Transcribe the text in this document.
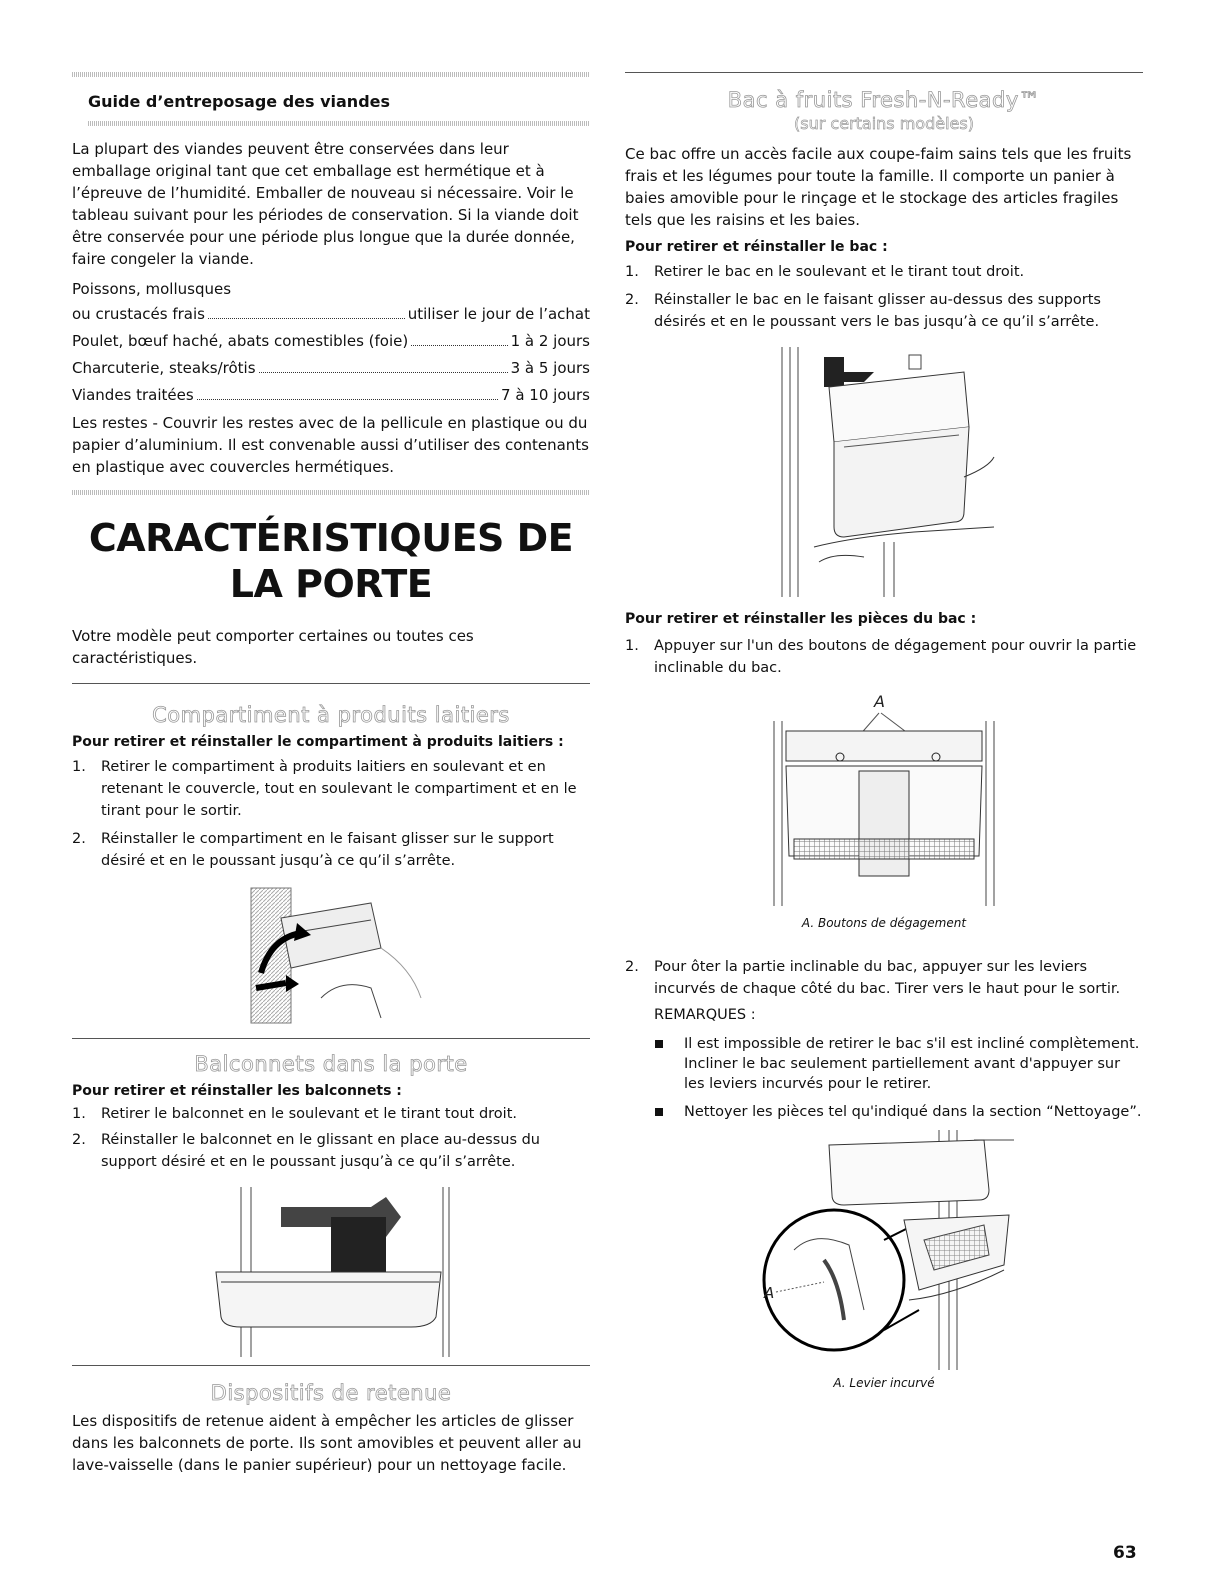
Guide d’entreposage des viandes

La plupart des viandes peuvent être conservées dans leur emballage original tant que cet emballage est hermétique et à l’épreuve de l’humidité. Emballer de nouveau si nécessaire. Voir le tableau suivant pour les périodes de conservation. Si la viande doit être conservée pour une période plus longue que la durée donnée, faire congeler la viande.

Poissons, mollusques

ou crustacés frais	utiliser le jour de l’achat
Poulet, bœuf haché, abats comestibles (foie)	1 à 2 jours
Charcuterie, steaks/rôtis	3 à 5 jours
Viandes traitées	7 à 10 jours

Les restes - Couvrir les restes avec de la pellicule en plastique ou du papier d’aluminium. Il est convenable aussi d’utiliser des contenants en plastique avec couvercles hermétiques.

CARACTÉRISTIQUES DE
LA PORTE

Votre modèle peut comporter certaines ou toutes ces caractéristiques.

Compartiment à produits laitiers
Pour retirer et réinstaller le compartiment à produits laitiers :
1. Retirer le compartiment à produits laitiers en soulevant et en retenant le couvercle, tout en soulevant le compartiment et en le tirant pour le sortir.
2. Réinstaller le compartiment en le faisant glisser sur le support désiré et en le poussant jusqu’à ce qu’il s’arrête.
Balconnets dans la porte
Pour retirer et réinstaller les balconnets :
1. Retirer le balconnet en le soulevant et le tirant tout droit.
2. Réinstaller le balconnet en le glissant en place au-dessus du support désiré et en le poussant jusqu’à ce qu’il s’arrête.
Dispositifs de retenue

Les dispositifs de retenue aident à empêcher les articles de glisser dans les balconnets de porte. Ils sont amovibles et peuvent aller au lave-vaisselle (dans le panier supérieur) pour un nettoyage facile.

Bac à fruits Fresh-N-Ready™
(sur certains modèles)

Ce bac offre un accès facile aux coupe-faim sains tels que les fruits frais et les légumes pour toute la famille. Il comporte un panier à baies amovible pour le rinçage et le stockage des articles fragiles tels que les raisins et les baies.

Pour retirer et réinstaller le bac :
1. Retirer le bac en le soulevant et le tirant tout droit.
2. Réinstaller le bac en le faisant glisser au-dessus des supports désirés et en le poussant vers le bas jusqu’à ce qu’il s’arrête.
Pour retirer et réinstaller les pièces du bac :
1. Appuyer sur l'un des boutons de dégagement pour ouvrir la partie inclinable du bac.
A
A. Boutons de dégagement
2. Pour ôter la partie inclinable du bac, appuyer sur les leviers incurvés de chaque côté du bac. Tirer vers le haut pour le sortir.
REMARQUES :
Il est impossible de retirer le bac s'il est incliné complètement. Incliner le bac seulement partiellement avant d'appuyer sur les leviers incurvés pour le retirer.
Nettoyer les pièces tel qu'indiqué dans la section “Nettoyage”.
A
A. Levier incurvé
63
